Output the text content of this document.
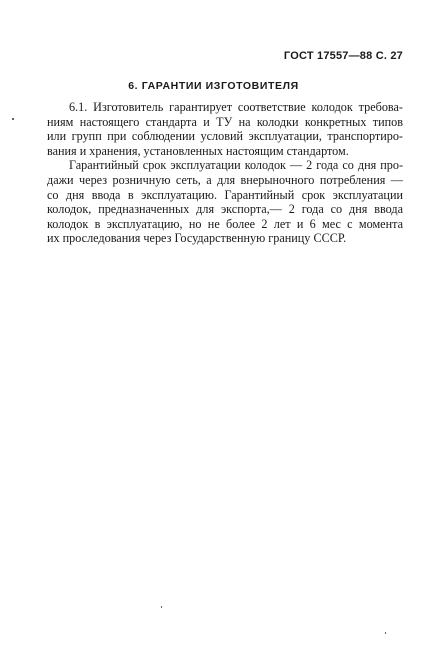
ГОСТ 17557—88 С. 27
6. ГАРАНТИИ ИЗГОТОВИТЕЛЯ

6.1. Изготовитель гарантирует соответствие колодок требова-
ниям настоящего стандарта и ТУ на колодки конкретных типов
или групп при соблюдении условий эксплуатации, транспортиро-
вания и хранения, установленных настоящим стандартом.

Гарантийный срок эксплуатации колодок — 2 года со дня про-
дажи через розничную сеть, а для внерыночного потребления —
со дня ввода в эксплуатацию. Гарантийный срок эксплуатации
колодок, предназначенных для экспорта,— 2 года со дня ввода
колодок в эксплуатацию, но не более 2 лет и 6 мес с момента
их проследования через Государственную границу СССР.
